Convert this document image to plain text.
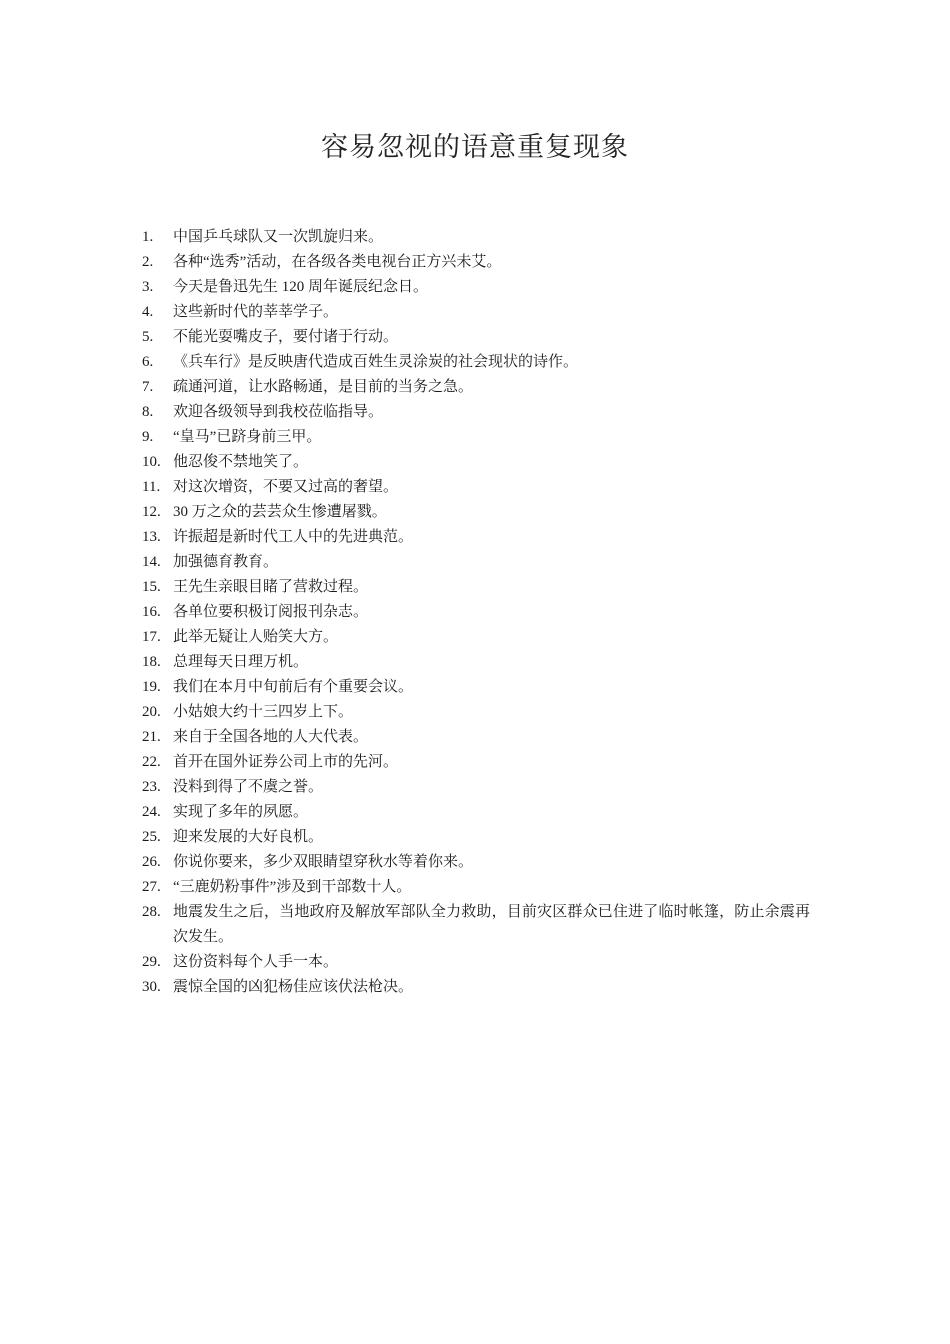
容易忽视的语意重复现象
1.	中国乒乓球队又一次凯旋归来。
2.	各种“选秀”活动，在各级各类电视台正方兴未艾。
3.	今天是鲁迅先生 120 周年诞辰纪念日。
4.	这些新时代的莘莘学子。
5.	不能光耍嘴皮子，要付诸于行动。
6.	《兵车行》是反映唐代造成百姓生灵涂炭的社会现状的诗作。
7.	疏通河道，让水路畅通，是目前的当务之急。
8.	欢迎各级领导到我校莅临指导。
9.	“皇马”已跻身前三甲。
10. 他忍俊不禁地笑了。
11. 对这次增资，不要又过高的奢望。
12. 30 万之众的芸芸众生惨遭屠戮。
13. 许振超是新时代工人中的先进典范。
14. 加强德育教育。
15. 王先生亲眼目睹了营救过程。
16. 各单位要积极订阅报刊杂志。
17. 此举无疑让人贻笑大方。
18. 总理每天日理万机。
19. 我们在本月中旬前后有个重要会议。
20. 小姑娘大约十三四岁上下。
21. 来自于全国各地的人大代表。
22. 首开在国外证券公司上市的先河。
23. 没料到得了不虞之誉。
24. 实现了多年的夙愿。
25. 迎来发展的大好良机。
26. 你说你要来，多少双眼睛望穿秋水等着你来。
27. “三鹿奶粉事件”涉及到干部数十人。
28. 地震发生之后，当地政府及解放军部队全力救助，目前灾区群众已住进了临时帐篷，防止余震再次发生。
29. 这份资料每个人手一本。
30. 震惊全国的凶犯杨佳应该伏法枪决。
